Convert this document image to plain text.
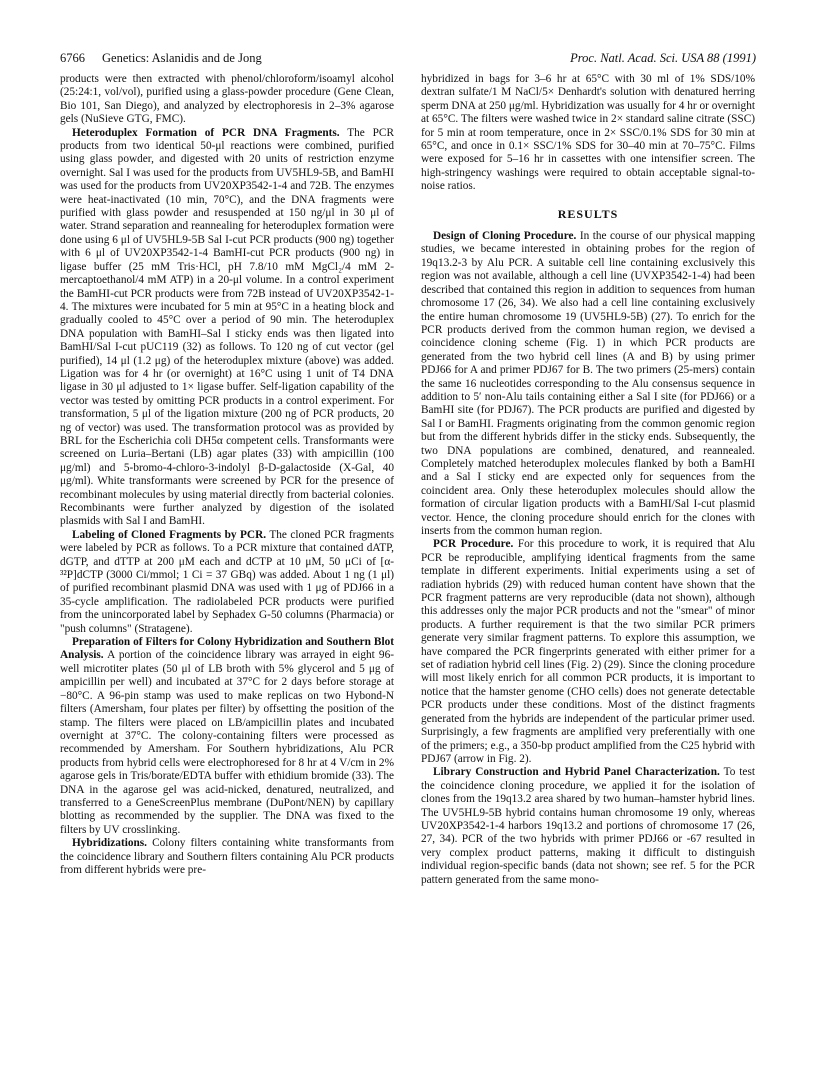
6766 Genetics: Aslanidis and de Jong	Proc. Natl. Acad. Sci. USA 88 (1991)

products were then extracted with phenol/chloroform/isoamyl alcohol (25:24:1, vol/vol), purified using a glass-powder procedure (Gene Clean, Bio 101, San Diego), and analyzed by electrophoresis in 2–3% agarose gels (NuSieve GTG, FMC).

Heteroduplex Formation of PCR DNA Fragments. The PCR products from two identical 50-μl reactions were combined, purified using glass powder, and digested with 20 units of restriction enzyme overnight. Sal I was used for the products from UV5HL9-5B, and BamHI was used for the products from UV20XP3542-1-4 and 72B. The enzymes were heat-inactivated (10 min, 70°C), and the DNA fragments were purified with glass powder and resuspended at 150 ng/μl in 30 μl of water. Strand separation and reannealing for heteroduplex formation were done using 6 μl of UV5HL9-5B Sal I-cut PCR products (900 ng) together with 6 μl of UV20XP3542-1-4 BamHI-cut PCR products (900 ng) in ligase buffer (25 mM Tris·HCl, pH 7.8/10 mM MgCl₂/4 mM 2-mercaptoethanol/4 mM ATP) in a 20-μl volume. In a control experiment the BamHI-cut PCR products were from 72B instead of UV20XP3542-1-4. The mixtures were incubated for 5 min at 95°C in a heating block and gradually cooled to 45°C over a period of 90 min. The heteroduplex DNA population with BamHI–Sal I sticky ends was then ligated into BamHI/Sal I-cut pUC119 (32) as follows. To 120 ng of cut vector (gel purified), 14 μl (1.2 μg) of the heteroduplex mixture (above) was added. Ligation was for 4 hr (or overnight) at 16°C using 1 unit of T4 DNA ligase in 30 μl adjusted to 1× ligase buffer. Self-ligation capability of the vector was tested by omitting PCR products in a control experiment. For transformation, 5 μl of the ligation mixture (200 ng of PCR products, 20 ng of vector) was used. The transformation protocol was as provided by BRL for the Escherichia coli DH5α competent cells. Transformants were screened on Luria–Bertani (LB) agar plates (33) with ampicillin (100 μg/ml) and 5-bromo-4-chloro-3-indolyl β-D-galactoside (X-Gal, 40 μg/ml). White transformants were screened by PCR for the presence of recombinant molecules by using material directly from bacterial colonies. Recombinants were further analyzed by digestion of the isolated plasmids with Sal I and BamHI.

Labeling of Cloned Fragments by PCR. The cloned PCR fragments were labeled by PCR as follows. To a PCR mixture that contained dATP, dGTP, and dTTP at 200 μM each and dCTP at 10 μM, 50 μCi of [α-³²P]dCTP (3000 Ci/mmol; 1 Ci = 37 GBq) was added. About 1 ng (1 μl) of purified recombinant plasmid DNA was used with 1 μg of PDJ66 in a 35-cycle amplification. The radiolabeled PCR products were purified from the unincorporated label by Sephadex G-50 columns (Pharmacia) or "push columns" (Stratagene).

Preparation of Filters for Colony Hybridization and Southern Blot Analysis. A portion of the coincidence library was arrayed in eight 96-well microtiter plates (50 μl of LB broth with 5% glycerol and 5 μg of ampicillin per well) and incubated at 37°C for 2 days before storage at −80°C. A 96-pin stamp was used to make replicas on two Hybond-N filters (Amersham, four plates per filter) by offsetting the position of the stamp. The filters were placed on LB/ampicillin plates and incubated overnight at 37°C. The colony-containing filters were processed as recommended by Amersham. For Southern hybridizations, Alu PCR products from hybrid cells were electrophoresed for 8 hr at 4 V/cm in 2% agarose gels in Tris/borate/EDTA buffer with ethidium bromide (33). The DNA in the agarose gel was acid-nicked, denatured, neutralized, and transferred to a GeneScreenPlus membrane (DuPont/NEN) by capillary blotting as recommended by the supplier. The DNA was fixed to the filters by UV crosslinking.

Hybridizations. Colony filters containing white transformants from the coincidence library and Southern filters containing Alu PCR products from different hybrids were pre-

hybridized in bags for 3–6 hr at 65°C with 30 ml of 1% SDS/10% dextran sulfate/1 M NaCl/5× Denhardt's solution with denatured herring sperm DNA at 250 μg/ml. Hybridization was usually for 4 hr or overnight at 65°C. The filters were washed twice in 2× standard saline citrate (SSC) for 5 min at room temperature, once in 2× SSC/0.1% SDS for 30 min at 65°C, and once in 0.1× SSC/1% SDS for 30–40 min at 70–75°C. Films were exposed for 5–16 hr in cassettes with one intensifier screen. The high-stringency washings were required to obtain acceptable signal-to-noise ratios.

RESULTS

Design of Cloning Procedure. In the course of our physical mapping studies, we became interested in obtaining probes for the region of 19q13.2-3 by Alu PCR. A suitable cell line containing exclusively this region was not available, although a cell line (UVXP3542-1-4) had been described that contained this region in addition to sequences from human chromosome 17 (26, 34). We also had a cell line containing exclusively the entire human chromosome 19 (UV5HL9-5B) (27). To enrich for the PCR products derived from the common human region, we devised a coincidence cloning scheme (Fig. 1) in which PCR products are generated from the two hybrid cell lines (A and B) by using primer PDJ66 for A and primer PDJ67 for B. The two primers (25-mers) contain the same 16 nucleotides corresponding to the Alu consensus sequence in addition to 5′ non-Alu tails containing either a Sal I site (for PDJ66) or a BamHI site (for PDJ67). The PCR products are purified and digested by Sal I or BamHI. Fragments originating from the common genomic region but from the different hybrids differ in the sticky ends. Subsequently, the two DNA populations are combined, denatured, and reannealed. Completely matched heteroduplex molecules flanked by both a BamHI and a Sal I sticky end are expected only for sequences from the coincident area. Only these heteroduplex molecules should allow the formation of circular ligation products with a BamHI/Sal I-cut plasmid vector. Hence, the cloning procedure should enrich for the clones with inserts from the common human region.

PCR Procedure. For this procedure to work, it is required that Alu PCR be reproducible, amplifying identical fragments from the same template in different experiments. Initial experiments using a set of radiation hybrids (29) with reduced human content have shown that the PCR fragment patterns are very reproducible (data not shown), although this addresses only the major PCR products and not the "smear" of minor products. A further requirement is that the two similar PCR primers generate very similar fragment patterns. To explore this assumption, we have compared the PCR fingerprints generated with either primer for a set of radiation hybrid cell lines (Fig. 2) (29). Since the cloning procedure will most likely enrich for all common PCR products, it is important to notice that the hamster genome (CHO cells) does not generate detectable PCR products under these conditions. Most of the distinct fragments generated from the hybrids are independent of the particular primer used. Surprisingly, a few fragments are amplified very preferentially with one of the primers; e.g., a 350-bp product amplified from the C25 hybrid with PDJ67 (arrow in Fig. 2).

Library Construction and Hybrid Panel Characterization. To test the coincidence cloning procedure, we applied it for the isolation of clones from the 19q13.2 area shared by two human–hamster hybrid lines. The UV5HL9-5B hybrid contains human chromosome 19 only, whereas UV20XP3542-1-4 harbors 19q13.2 and portions of chromosome 17 (26, 27, 34). PCR of the two hybrids with primer PDJ66 or -67 resulted in very complex product patterns, making it difficult to distinguish individual region-specific bands (data not shown; see ref. 5 for the PCR pattern generated from the same mono-
